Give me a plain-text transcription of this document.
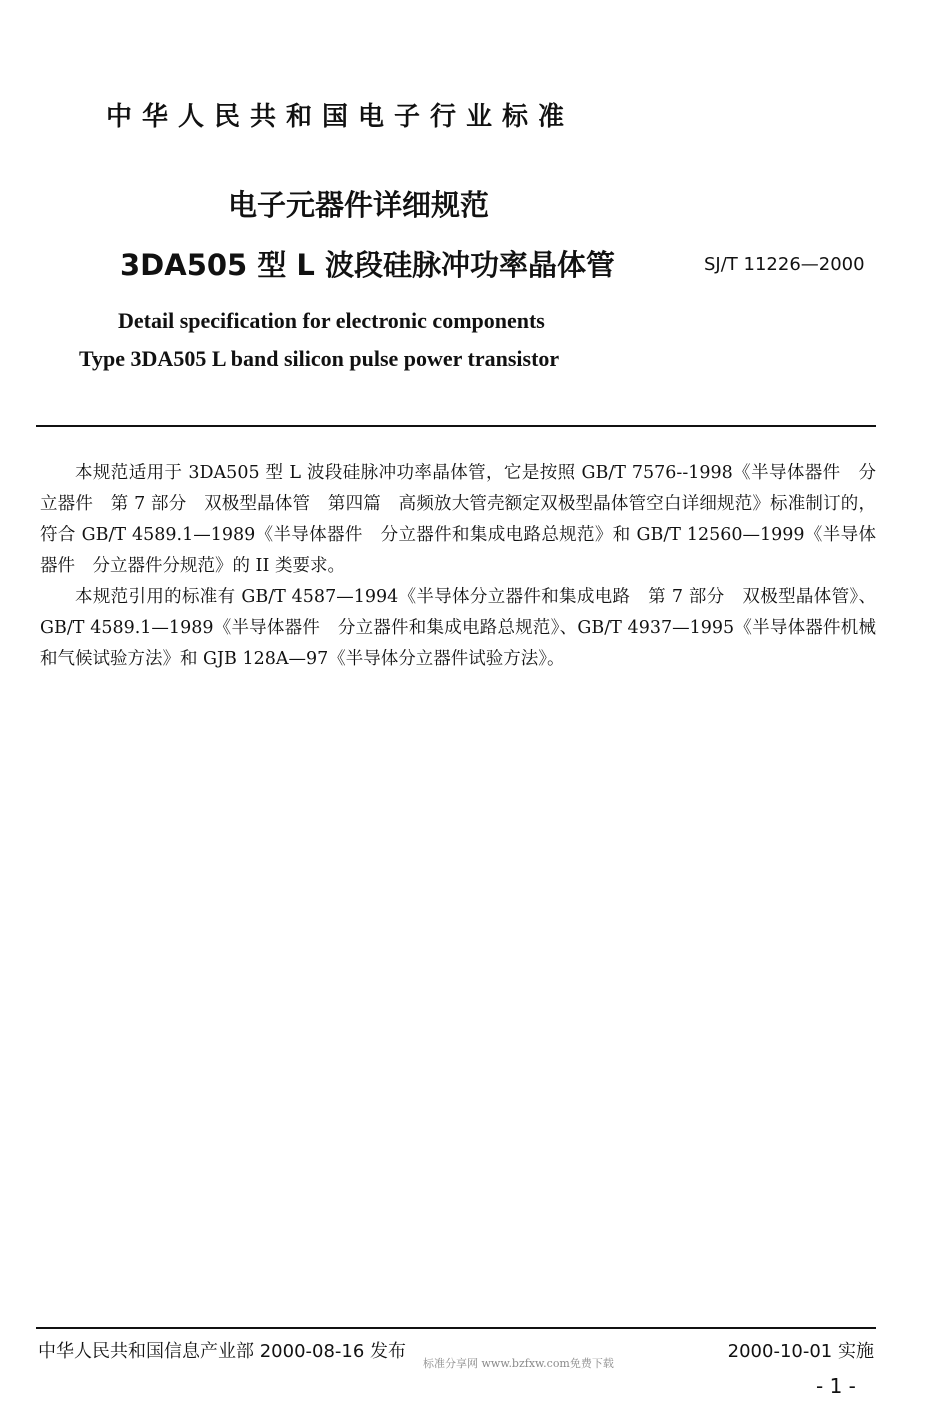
中华人民共和国电子行业标准
电子元器件详细规范
3DA505 型 L 波段硅脉冲功率晶体管	SJ/T 11226—2000
Detail specification for electronic components
Type 3DA505 L band silicon pulse power transistor

本规范适用于 3DA505 型 L 波段硅脉冲功率晶体管，它是按照 GB/T 7576--1998《半导体器件　分立器件　第 7 部分　双极型晶体管　第四篇　高频放大管壳额定双极型晶体管空白详细规范》标准制订的，符合 GB/T 4589.1—1989《半导体器件　分立器件和集成电路总规范》和 GB/T 12560—1999《半导体器件　分立器件分规范》的 II 类要求。

本规范引用的标准有 GB/T 4587—1994《半导体分立器件和集成电路　第 7 部分　双极型晶体管》、GB/T 4589.1—1989《半导体器件　分立器件和集成电路总规范》、GB/T 4937—1995《半导体器件机械和气候试验方法》和 GJB 128A—97《半导体分立器件试验方法》。

中华人民共和国信息产业部 2000-08-16 发布	2000-10-01 实施
标准分享网 www.bzfxw.com免费下载
- 1 -
